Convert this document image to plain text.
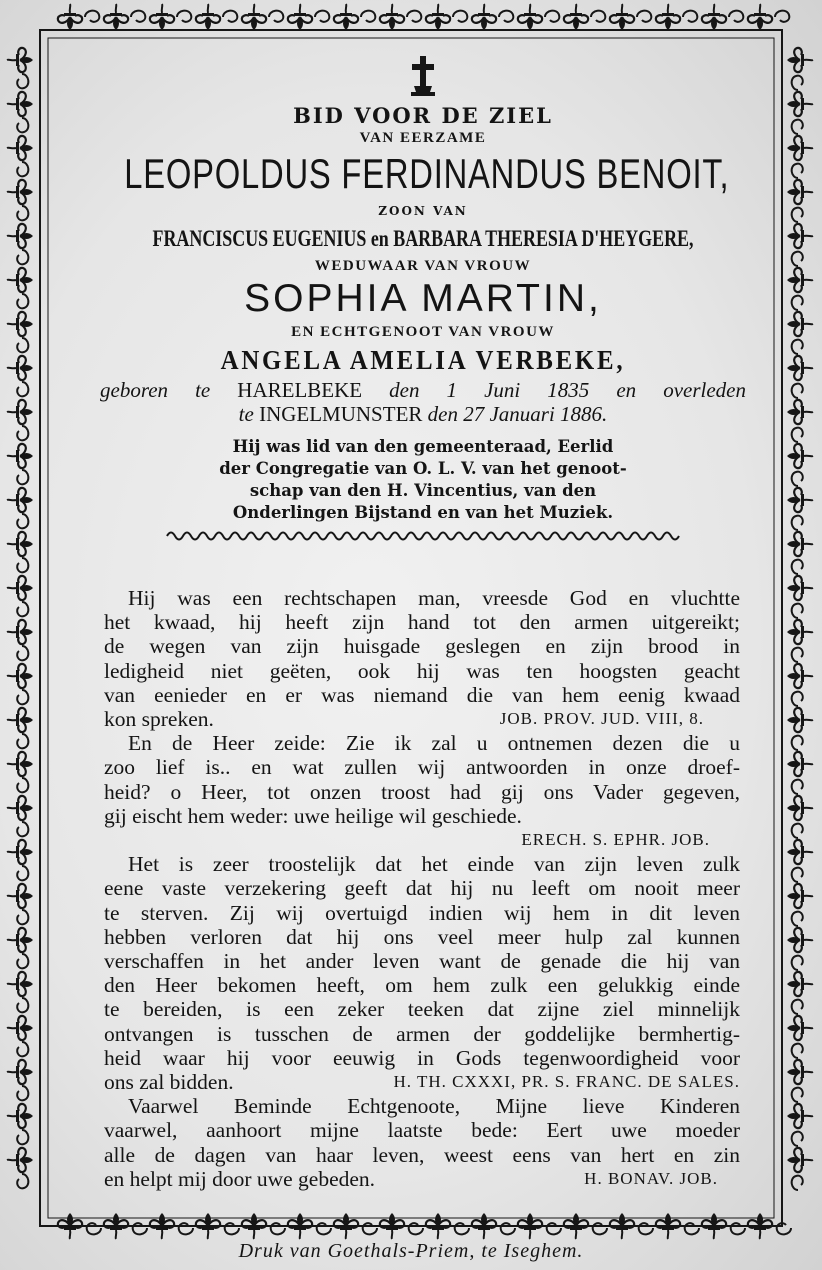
BID VOOR DE ZIEL
VAN EERZAME
LEOPOLDUS FERDINANDUS BENOIT,
ZOON VAN
FRANCISCUS EUGENIUS en BARBARA THERESIA D'HEYGERE,
WEDUWAAR VAN VROUW
SOPHIA MARTIN,
EN ECHTGENOOT VAN VROUW
ANGELA AMELIA VERBEKE,
geboren te HARELBEKE den 1 Juni 1835 en overleden
te INGELMUNSTER den 27 Januari 1886.
Hij was lid van den gemeenteraad, Eerlid
der Congregatie van O. L. V. van het genoot-
schap van den H. Vincentius, van den
Onderlingen Bijstand en van het Muziek.
Hij was een rechtschapen man, vreesde God en vluchtte
het kwaad, hij heeft zijn hand tot den armen uitgereikt;
de wegen van zijn huisgade geslegen en zijn brood in
ledigheid niet geëten, ook hij was ten hoogsten geacht
van eenieder en er was niemand die van hem eenig kwaad
kon spreken.	JOB. PROV. JUD. VIII, 8.
En de Heer zeide: Zie ik zal u ontnemen dezen die u
zoo lief is.. en wat zullen wij antwoorden in onze droef-
heid? o Heer, tot onzen troost had gij ons Vader gegeven,
gij eischt hem weder: uwe heilige wil geschiede.
ERECH. S. EPHR. JOB.
Het is zeer troostelijk dat het einde van zijn leven zulk
eene vaste verzekering geeft dat hij nu leeft om nooit meer
te sterven. Zij wij overtuigd indien wij hem in dit leven
hebben verloren dat hij ons veel meer hulp zal kunnen
verschaffen in het ander leven want de genade die hij van
den Heer bekomen heeft, om hem zulk een gelukkig einde
te bereiden, is een zeker teeken dat zijne ziel minnelijk
ontvangen is tusschen de armen der goddelijke bermhertig-
heid waar hij voor eeuwig in Gods tegenwoordigheid voor
ons zal bidden.	H. TH. CXXXI, PR. S. FRANC. DE SALES.
Vaarwel Beminde Echtgenoote, Mijne lieve Kinderen
vaarwel, aanhoort mijne laatste bede: Eert uwe moeder
alle de dagen van haar leven, weest eens van hert en zin
en helpt mij door uwe gebeden.	H. BONAV. JOB.
Druk van Goethals-Priem, te Iseghem.
